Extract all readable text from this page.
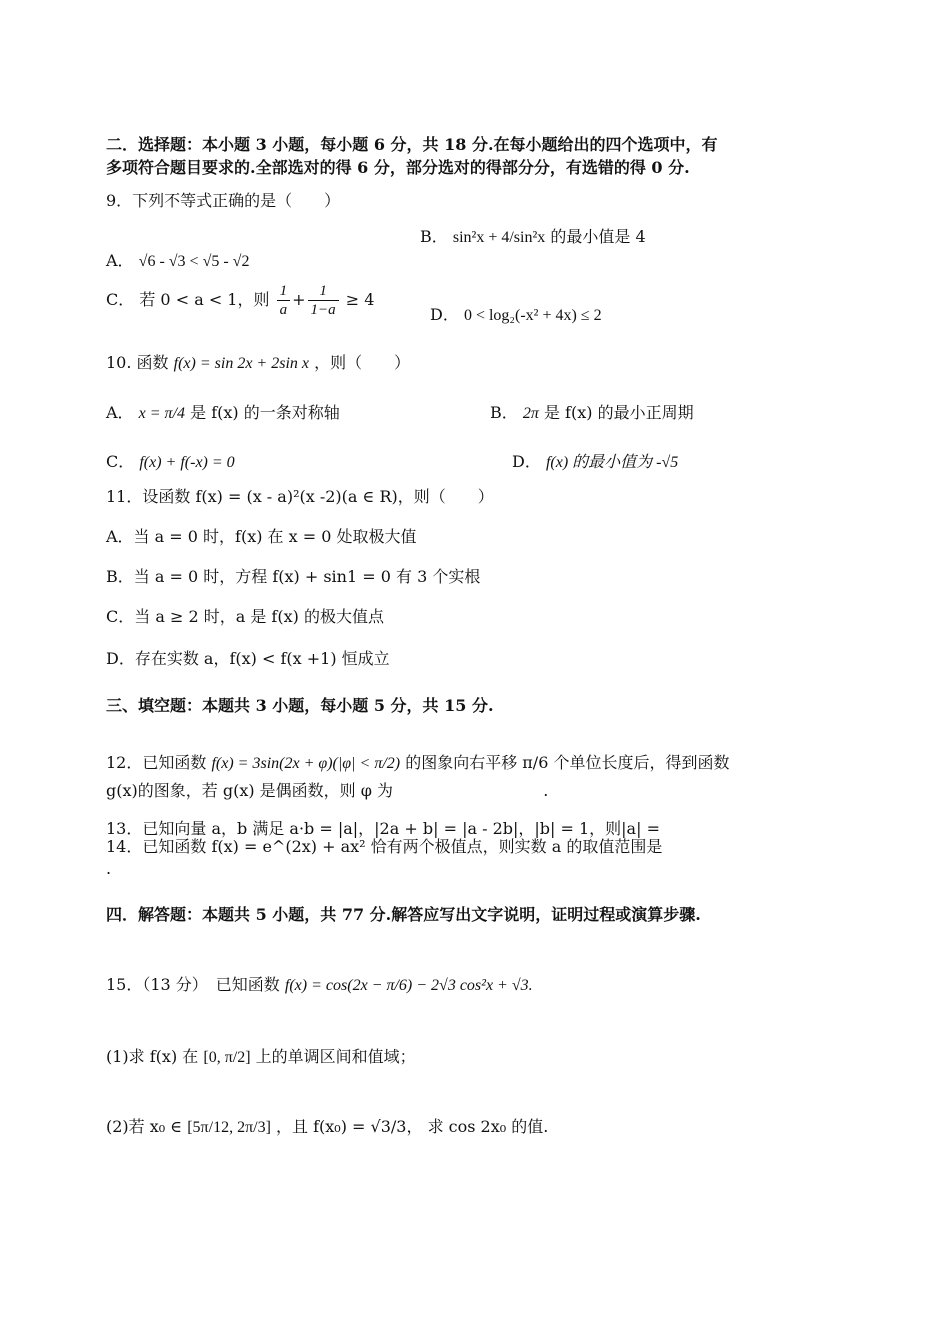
二．选择题：本小题 3 小题，每小题 6 分，共 18 分.在每小题给出的四个选项中，有
多项符合题目要求的.全部选对的得 6 分，部分选对的得部分分，有选错的得 0 分.
9．下列不等式正确的是（　　）
A． √6 - √3 < √5 - √2
B． sin²x + 4/sin²x 的最小值是 4
C． 若 0 < a < 1，则 $\frac{1}{a} + \frac{1}{1-a} \ge 4$
D． 0 < log₂(-x² + 4x) ≤ 2
10. 函数 f(x) = sin 2x + 2sin x ，则（　　）
A． x = π/4 是 f(x) 的一条对称轴	B． 2π 是 f(x) 的最小正周期
C． f(x) + f(-x) = 0	D． f(x) 的最小值为 -√5
11．设函数 f(x) = (x - a)²(x -2)(a ∈ R)，则（　　）
A．当 a = 0 时，f(x) 在 x = 0 处取极大值
B．当 a = 0 时，方程 f(x) + sin1 = 0 有 3 个实根
C．当 a ≥ 2 时，a 是 f(x) 的极大值点
D．存在实数 a，f(x) < f(x +1) 恒成立
三、填空题：本题共 3 小题，每小题 5 分，共 15 分.
12．已知函数 f(x) = 3sin(2x + φ)(|φ| < π/2) 的图象向右平移 π/6 个单位长度后，得到函数
g(x)的图象，若 g(x) 是偶函数，则 φ 为	.
13．已知向量 a，b 满足 a·b = |a|，|2a + b| = |a - 2b|，|b| = 1，则|a| =
14．已知函数 f(x) = e^(2x) + ax² 恰有两个极值点，则实数 a 的取值范围是
.
四．解答题：本题共 5 小题，共 77 分.解答应写出文字说明，证明过程或演算步骤.
15．（13 分）　已知函数 f(x) = cos(2x − π/6) − 2√3 cos²x + √3.
(1)求 f(x) 在 [0, π/2] 上的单调区间和值域；
(2)若 x₀ ∈ [5π/12, 2π/3] ，且 f(x₀) = √3/3， 求 cos 2x₀ 的值.
